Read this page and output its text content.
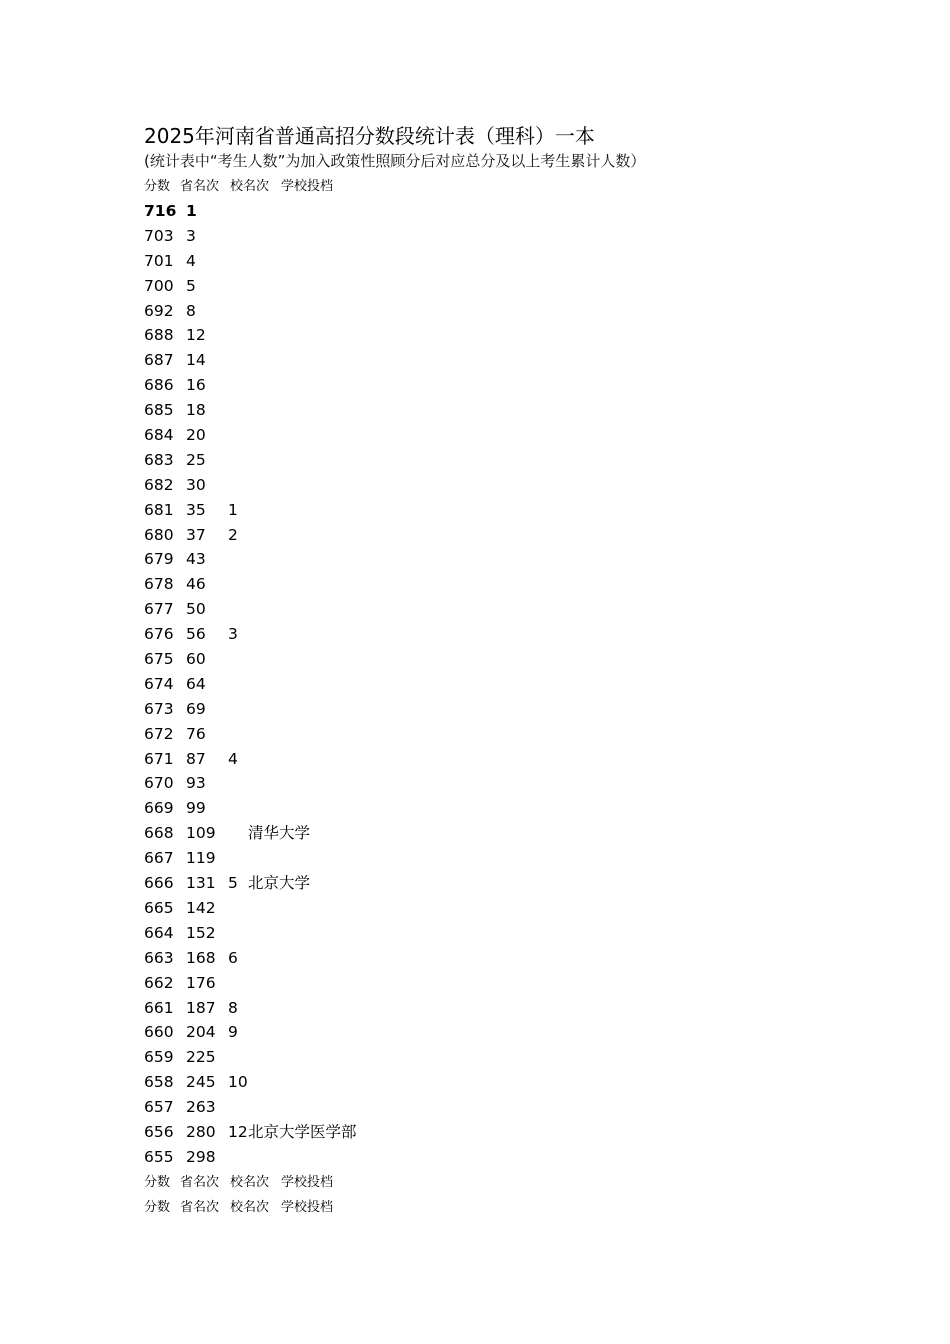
2025年河南省普通高招分数段统计表（理科）一本
(统计表中“考生人数”为加入政策性照顾分后对应总分及以上考生累计人数）
分数 省名次 校名次 学校投档
716 1
703 3
701 4
700 5
692 8
688 12
687 14
686 16
685 18
684 20
683 25
682 30
681 35 1
680 37 2
679 43
678 46
677 50
676 56 3
675 60
674 64
673 69
672 76
671 87 4
670 93
669 99
668 109 清华大学
667 119
666 131 5 北京大学
665 142
664 152
663 168 6
662 176
661 187 8
660 204 9
659 225
658 245 10
657 263
656 280 12 北京大学医学部
655 298
分数 省名次 校名次 学校投档
分数 省名次 校名次 学校投档
